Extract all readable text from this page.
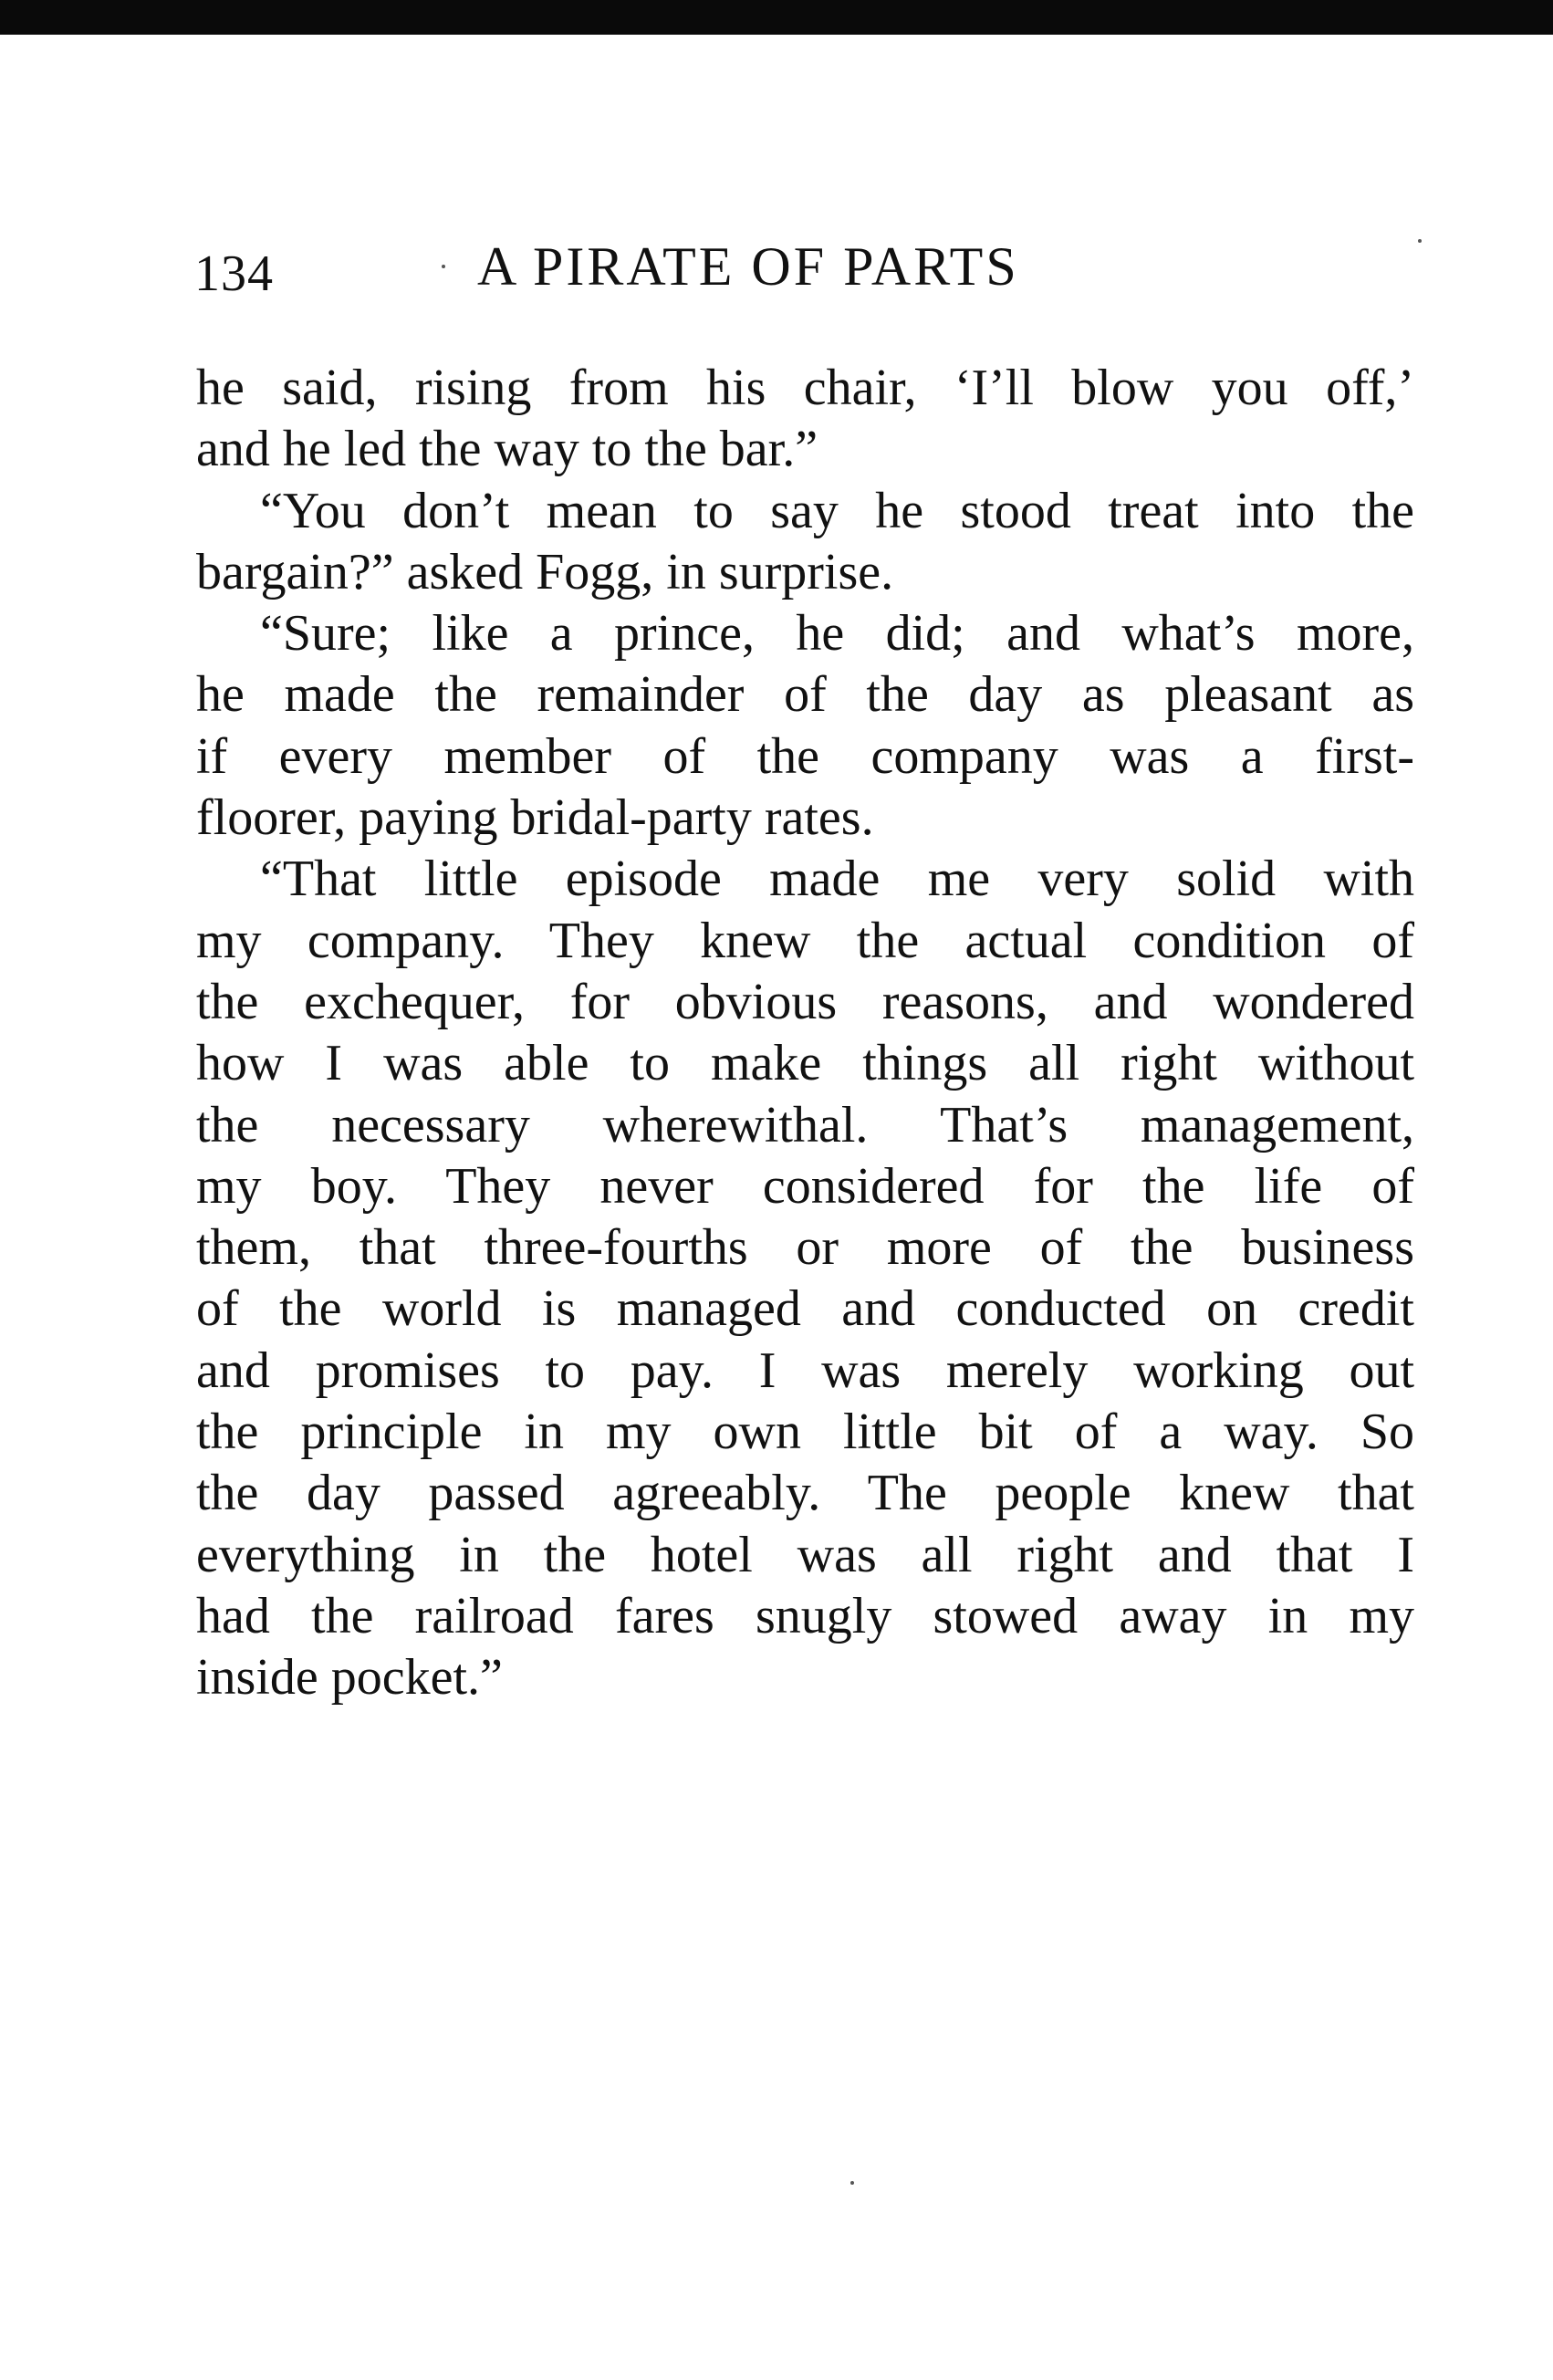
134	A PIRATE OF PARTS
he said, rising from his chair, ‘I’ll blow you off,’
and he led the way to the bar.”
“You don’t mean to say he stood treat into the
bargain?” asked Fogg, in surprise.
“Sure; like a prince, he did; and what’s more,
he made the remainder of the day as pleasant as
if every member of the company was a first-
floorer, paying bridal-party rates.
“That little episode made me very solid with
my company. They knew the actual condition of
the exchequer, for obvious reasons, and wondered
how I was able to make things all right without
the necessary wherewithal. That’s management,
my boy. They never considered for the life of
them, that three-fourths or more of the business
of the world is managed and conducted on credit
and promises to pay. I was merely working out
the principle in my own little bit of a way. So
the day passed agreeably. The people knew that
everything in the hotel was all right and that I
had the railroad fares snugly stowed away in my
inside pocket.”
